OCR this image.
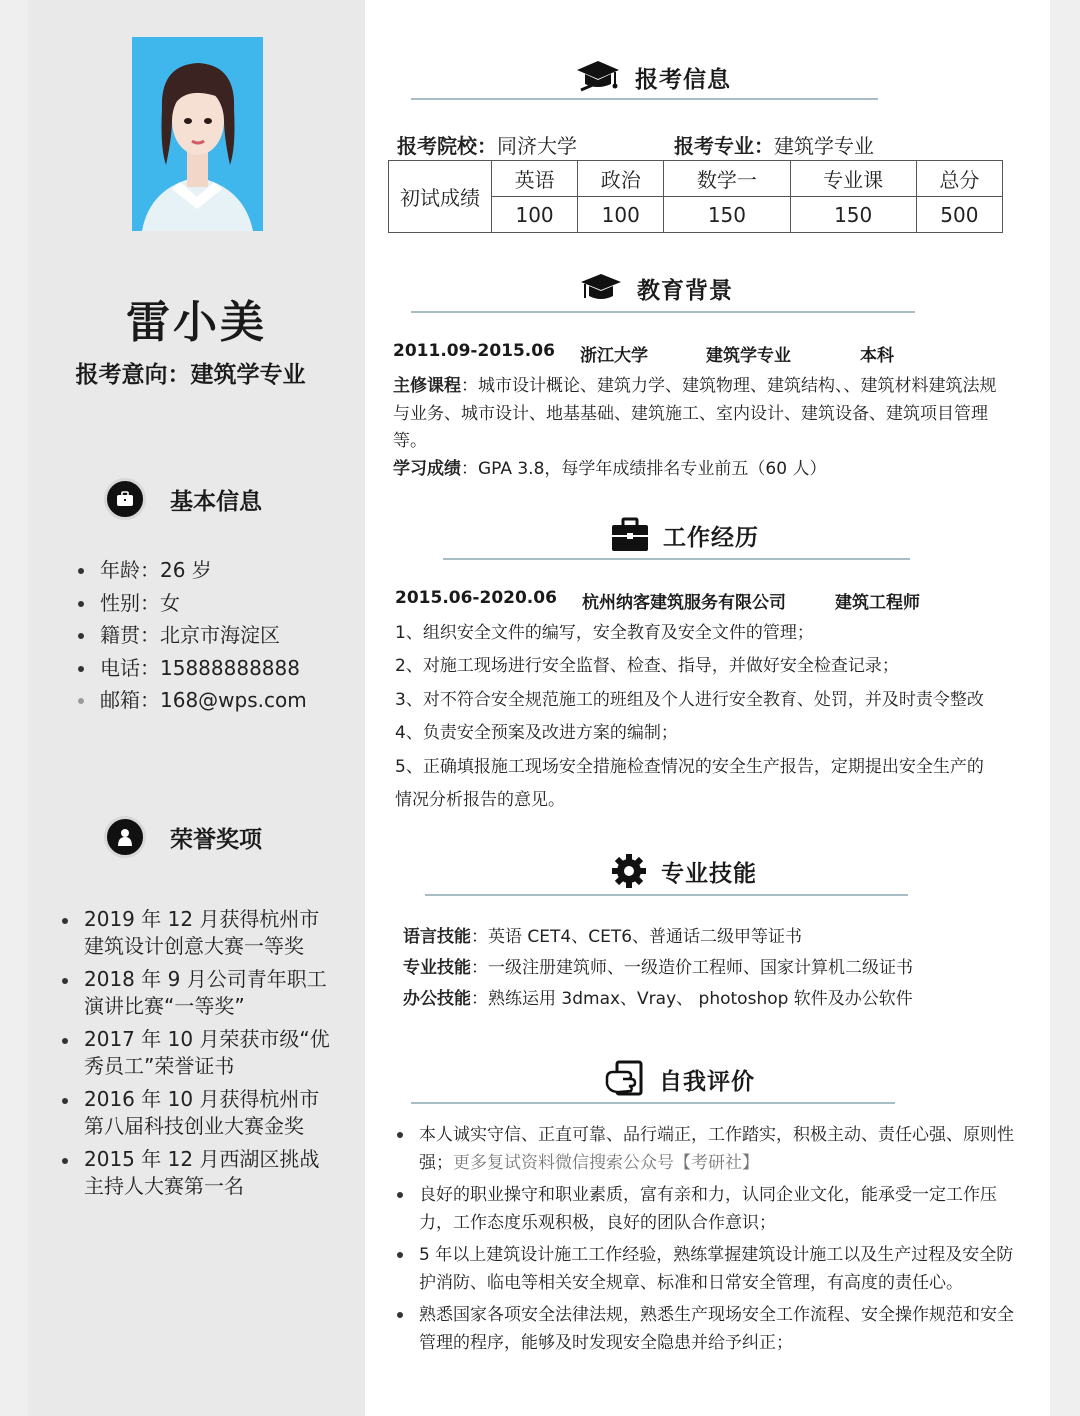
雷小美
报考意向：建筑学专业
基本信息
年龄：26 岁
性别：女
籍贯：北京市海淀区
电话：15888888888
邮箱：168@wps.com
荣誉奖项
2019 年 12 月获得杭州市建筑设计创意大赛一等奖
2018 年 9 月公司青年职工演讲比赛“一等奖”
2017 年 10 月荣获市级“优秀员工”荣誉证书
2016 年 10 月获得杭州市第八届科技创业大赛金奖
2015 年 12 月西湖区挑战主持人大赛第一名
报考信息
报考院校：同济大学	报考专业：建筑学专业
初试成绩	英语	政治	数学一	专业课	总分
	100	100	150	150	500
教育背景
2011.09-2015.06 浙江大学	建筑学专业	本科
主修课程：城市设计概论、建筑力学、建筑物理、建筑结构、、建筑材料建筑法规与业务、城市设计、地基基础、建筑施工、室内设计、建筑设备、建筑项目管理等。
学习成绩：GPA 3.8，每学年成绩排名专业前五（60 人）
工作经历
2015.06-2020.06 杭州纳客建筑服务有限公司	建筑工程师
1、组织安全文件的编写，安全教育及安全文件的管理；
2、对施工现场进行安全监督、检查、指导，并做好安全检查记录；
3、对不符合安全规范施工的班组及个人进行安全教育、处罚，并及时责令整改
4、负责安全预案及改进方案的编制；
5、正确填报施工现场安全措施检查情况的安全生产报告，定期提出安全生产的
情况分析报告的意见。
专业技能
语言技能：英语 CET4、CET6、普通话二级甲等证书
专业技能：一级注册建筑师、一级造价工程师、国家计算机二级证书
办公技能：熟练运用 3dmax、Vray、 photoshop 软件及办公软件
自我评价
本人诚实守信、正直可靠、品行端正，工作踏实，积极主动、责任心强、原则性强；更多复试资料微信搜索公众号【考研社】
良好的职业操守和职业素质，富有亲和力，认同企业文化，能承受一定工作压力，工作态度乐观积极，良好的团队合作意识；
5 年以上建筑设计施工工作经验，熟练掌握建筑设计施工以及生产过程及安全防护消防、临电等相关安全规章、标准和日常安全管理，有高度的责任心。
熟悉国家各项安全法律法规，熟悉生产现场安全工作流程、安全操作规范和安全管理的程序，能够及时发现安全隐患并给予纠正；
